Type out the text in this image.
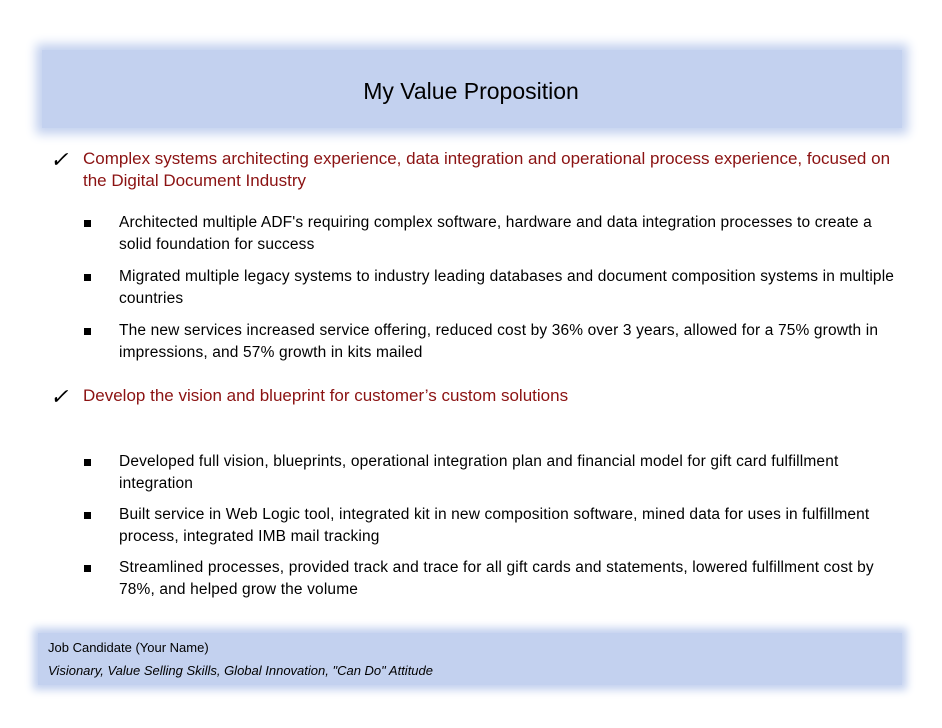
My Value Proposition
✓ Complex systems architecting experience, data integration and operational process experience, focused on the Digital Document Industry
Architected multiple ADF's requiring complex software, hardware and data integration processes to create a solid foundation for success
Migrated multiple legacy systems to industry leading databases and document composition systems in multiple countries
The new services increased service offering, reduced cost by 36% over 3 years, allowed for a 75% growth in impressions, and 57% growth in kits mailed
✓ Develop the vision and blueprint for customer’s custom solutions
Developed full vision, blueprints, operational integration plan and financial model for gift card fulfillment integration
Built service in Web Logic tool, integrated kit in new composition software, mined data for uses in fulfillment process, integrated IMB mail tracking
Streamlined processes, provided track and trace for all gift cards and statements, lowered fulfillment cost by 78%, and helped grow the volume
Job Candidate (Your Name)
Visionary, Value Selling Skills, Global Innovation, "Can Do" Attitude
